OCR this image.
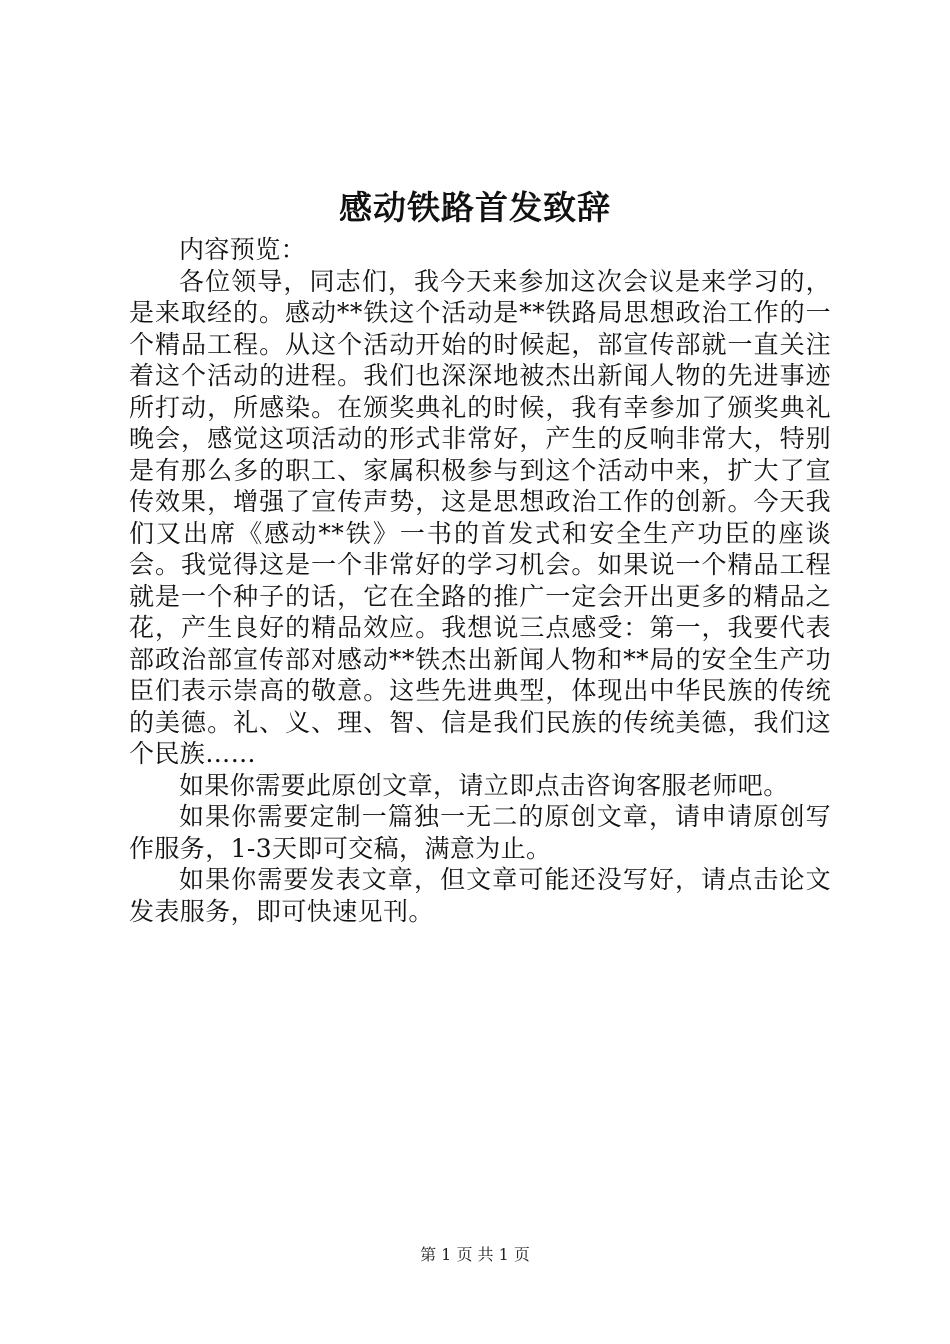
感动铁路首发致辞

内容预览：

各位领导，同志们，我今天来参加这次会议是来学习的，是来取经的。感动**铁这个活动是**铁路局思想政治工作的一个精品工程。从这个活动开始的时候起，部宣传部就一直关注着这个活动的进程。我们也深深地被杰出新闻人物的先进事迹所打动，所感染。在颁奖典礼的时候，我有幸参加了颁奖典礼晚会，感觉这项活动的形式非常好，产生的反响非常大，特别是有那么多的职工、家属积极参与到这个活动中来，扩大了宣传效果，增强了宣传声势，这是思想政治工作的创新。今天我们又出席《感动**铁》一书的首发式和安全生产功臣的座谈会。我觉得这是一个非常好的学习机会。如果说一个精品工程就是一个种子的话，它在全路的推广一定会开出更多的精品之花，产生良好的精品效应。我想说三点感受：第一，我要代表部政治部宣传部对感动**铁杰出新闻人物和**局的安全生产功臣们表示崇高的敬意。这些先进典型，体现出中华民族的传统的美德。礼、义、理、智、信是我们民族的传统美德，我们这个民族……

如果你需要此原创文章，请立即点击咨询客服老师吧。

如果你需要定制一篇独一无二的原创文章，请申请原创写作服务，1-3天即可交稿，满意为止。

如果你需要发表文章，但文章可能还没写好，请点击论文发表服务，即可快速见刊。

第 1 页 共 1 页
